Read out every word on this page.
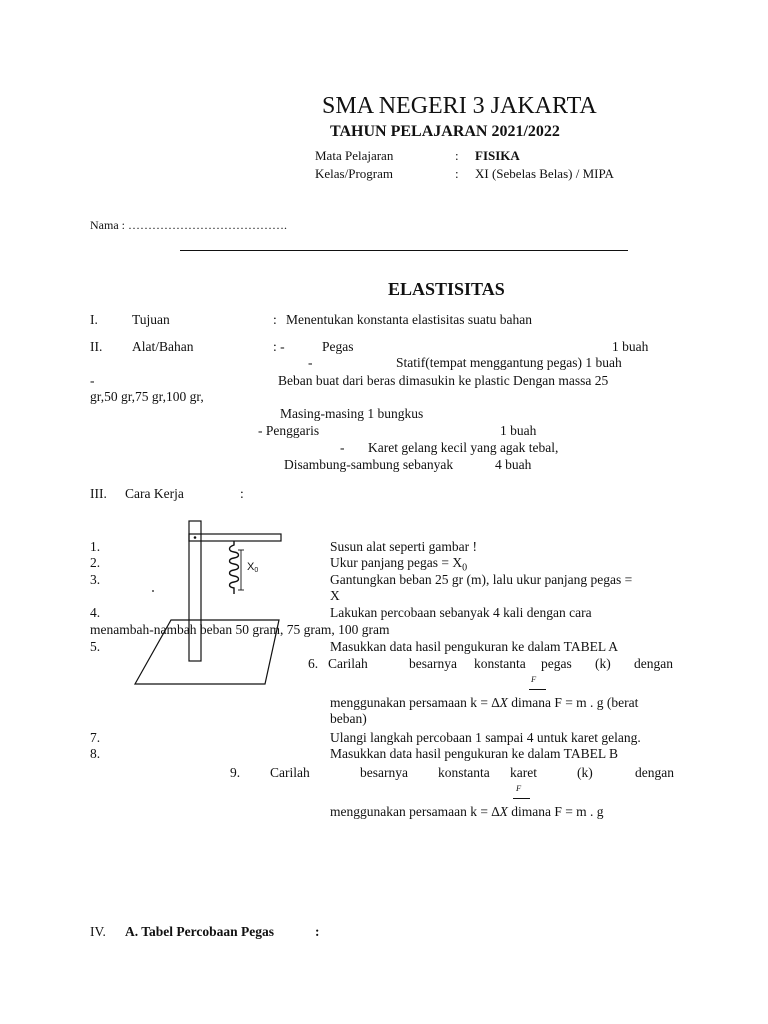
SMA NEGERI 3 JAKARTA
TAHUN PELAJARAN 2021/2022
Mata Pelajaran	: FISIKA
Kelas/Program	: XI (Sebelas Belas) / MIPA
Nama : ………………………………….
ELASTISITAS
I.	Tujuan	: Menentukan konstanta elastisitas suatu bahan
II. Alat/Bahan	: -	Pegas	1 buah
-	Statif(tempat menggantung pegas) 1 buah
-	Beban buat dari beras dimasukin ke plastic Dengan massa 25
gr,50 gr,75 gr,100 gr,
Masing-masing 1 bungkus
- Penggaris	1 buah
- Karet gelang kecil yang agak tebal,
Disambung-sambung sebanyak	4 buah
III. Cara Kerja	:
X0
1.	Susun alat seperti gambar !
2.	Ukur panjang pegas = $X_0$
3.	Gantungkan beban 25 gr (m), lalu ukur panjang pegas =
X
4.	Lakukan percobaan sebanyak 4 kali dengan cara
menambah-nambah beban 50 gram, 75 gram, 100 gram
5.	Masukkan data hasil pengukuran ke dalam TABEL A
6. Carilah	besarnya konstanta pegas (k) dengan
F
menggunakan persamaan k = ∆X dimana F = m . g (berat
beban)
7.	Ulangi langkah percobaan 1 sampai 4 untuk karet gelang.
8.	Masukkan data hasil pengukuran ke dalam TABEL B
9. Carilah	besarnya konstanta karet	(k)	dengan
F
menggunakan persamaan k = ∆X dimana F = m . g
IV. A. Tabel Percobaan Pegas	:
